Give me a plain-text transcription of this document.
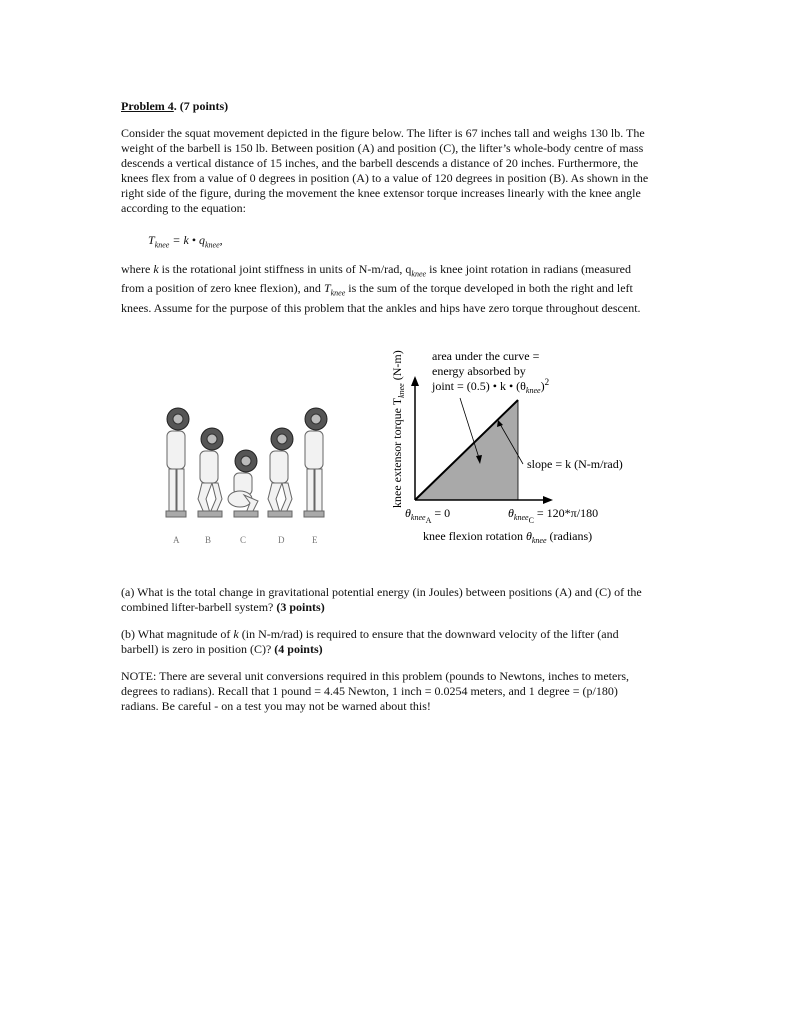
Problem 4. (7 points)
Consider the squat movement depicted in the figure below. The lifter is 67 inches tall and weighs 130 lb. The weight of the barbell is 150 lb. Between position (A) and position (C), the lifter’s whole-body centre of mass descends a vertical distance of 15 inches, and the barbell descends a distance of 20 inches. Furthermore, the knees flex from a value of 0 degrees in position (A) to a value of 120 degrees in position (B). As shown in the right side of the figure, during the movement the knee extensor torque increases linearly with the knee angle according to the equation:
$T_{knee} = k$ • $q_{knee}$,
where k is the rotational joint stiffness in units of N-m/rad, $q_{knee}$ is knee joint rotation in radians (measured from a position of zero knee flexion), and $T_{knee}$ is the sum of the torque developed in both the right and left knees. Assume for the purpose of this problem that the ankles and hips have zero torque throughout descent.
A	B	C	D	E
knee extensor torque $T_{knee}$ (N-m) area under the curve =
energy absorbed by
joint = (0.5) • k • $(\theta_{knee})^2$
slope = k (N-m/rad)
$\theta_{kneeA} = 0$	$\theta_{kneeC} = 120*\pi/180$
knee flexion rotation $\theta_{knee}$ (radians)
(a) What is the total change in gravitational potential energy (in Joules) between positions (A) and (C) of the combined lifter-barbell system? (3 points)
(b) What magnitude of k (in N-m/rad) is required to ensure that the downward velocity of the lifter (and barbell) is zero in position (C)? (4 points)
NOTE: There are several unit conversions required in this problem (pounds to Newtons, inches to meters, degrees to radians). Recall that 1 pound = 4.45 Newton, 1 inch = 0.0254 meters, and 1 degree = (p/180) radians. Be careful - on a test you may not be warned about this!
